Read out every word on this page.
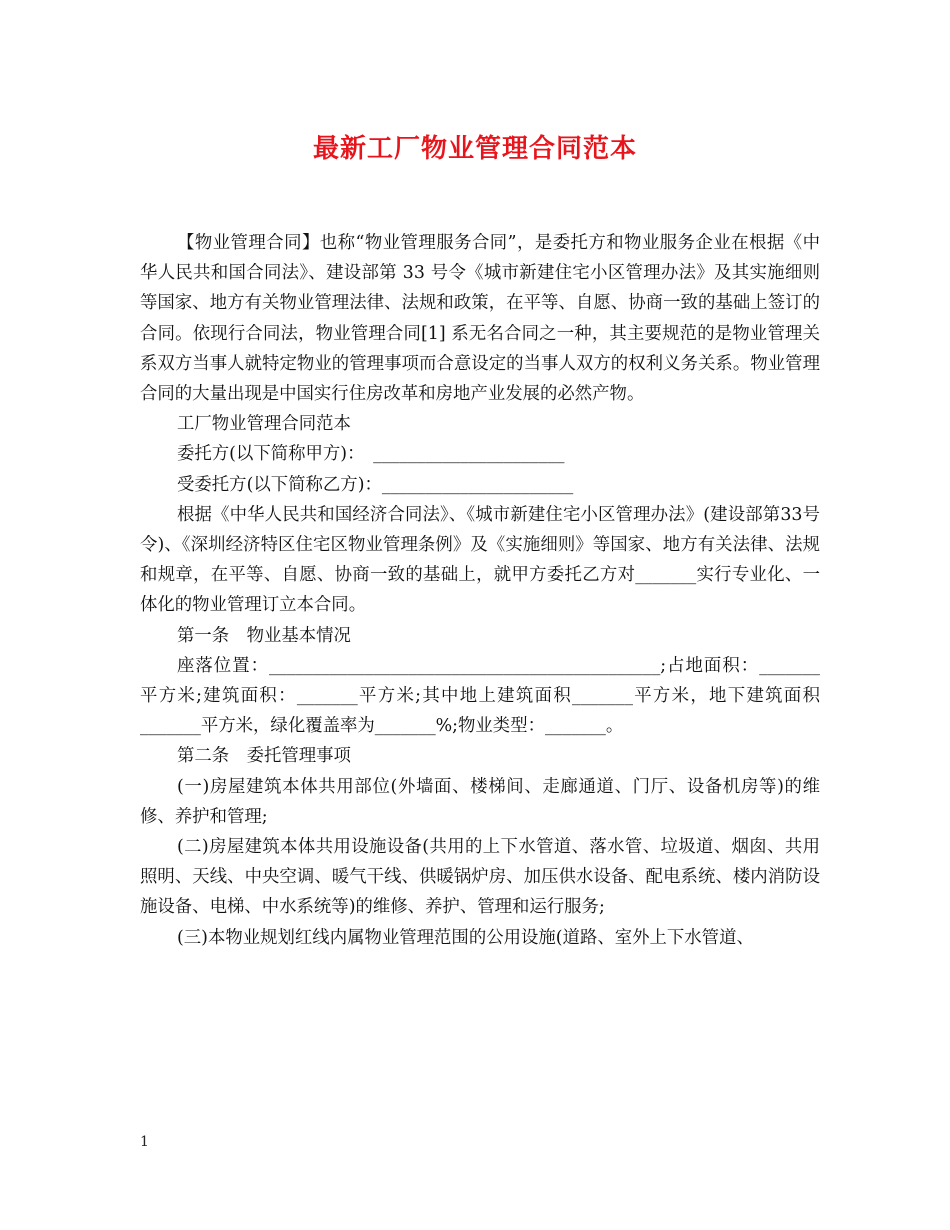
最新工厂物业管理合同范本

【物业管理合同】也称“物业管理服务合同”，是委托方和物业服务企业在根据《中华人民共和国合同法》、建设部第 33 号令《城市新建住宅小区管理办法》及其实施细则等国家、地方有关物业管理法律、法规和政策，在平等、自愿、协商一致的基础上签订的合同。依现行合同法，物业管理合同[1] 系无名合同之一种，其主要规范的是物业管理关系双方当事人就特定物业的管理事项而合意设定的当事人双方的权利义务关系。物业管理合同的大量出现是中国实行住房改革和房地产业发展的必然产物。

工厂物业管理合同范本

委托方(以下简称甲方)：　______________________

受委托方(以下简称乙方)：______________________

根据《中华人民共和国经济合同法》、《城市新建住宅小区管理办法》(建设部第33号令)、《深圳经济特区住宅区物业管理条例》及《实施细则》等国家、地方有关法律、法规和规章，在平等、自愿、协商一致的基础上，就甲方委托乙方对_______实行专业化、一体化的物业管理订立本合同。

第一条　物业基本情况

座落位置：_____________________________________________;占地面积：_______平方米;建筑面积：_______平方米;其中地上建筑面积_______平方米，地下建筑面积_______平方米，绿化覆盖率为_______%;物业类型：_______。

第二条　委托管理事项

(一)房屋建筑本体共用部位(外墙面、楼梯间、走廊通道、门厅、设备机房等)的维修、养护和管理;

(二)房屋建筑本体共用设施设备(共用的上下水管道、落水管、垃圾道、烟囱、共用照明、天线、中央空调、暖气干线、供暖锅炉房、加压供水设备、配电系统、楼内消防设施设备、电梯、中水系统等)的维修、养护、管理和运行服务;

(三)本物业规划红线内属物业管理范围的公用设施(道路、室外上下水管道、

1
